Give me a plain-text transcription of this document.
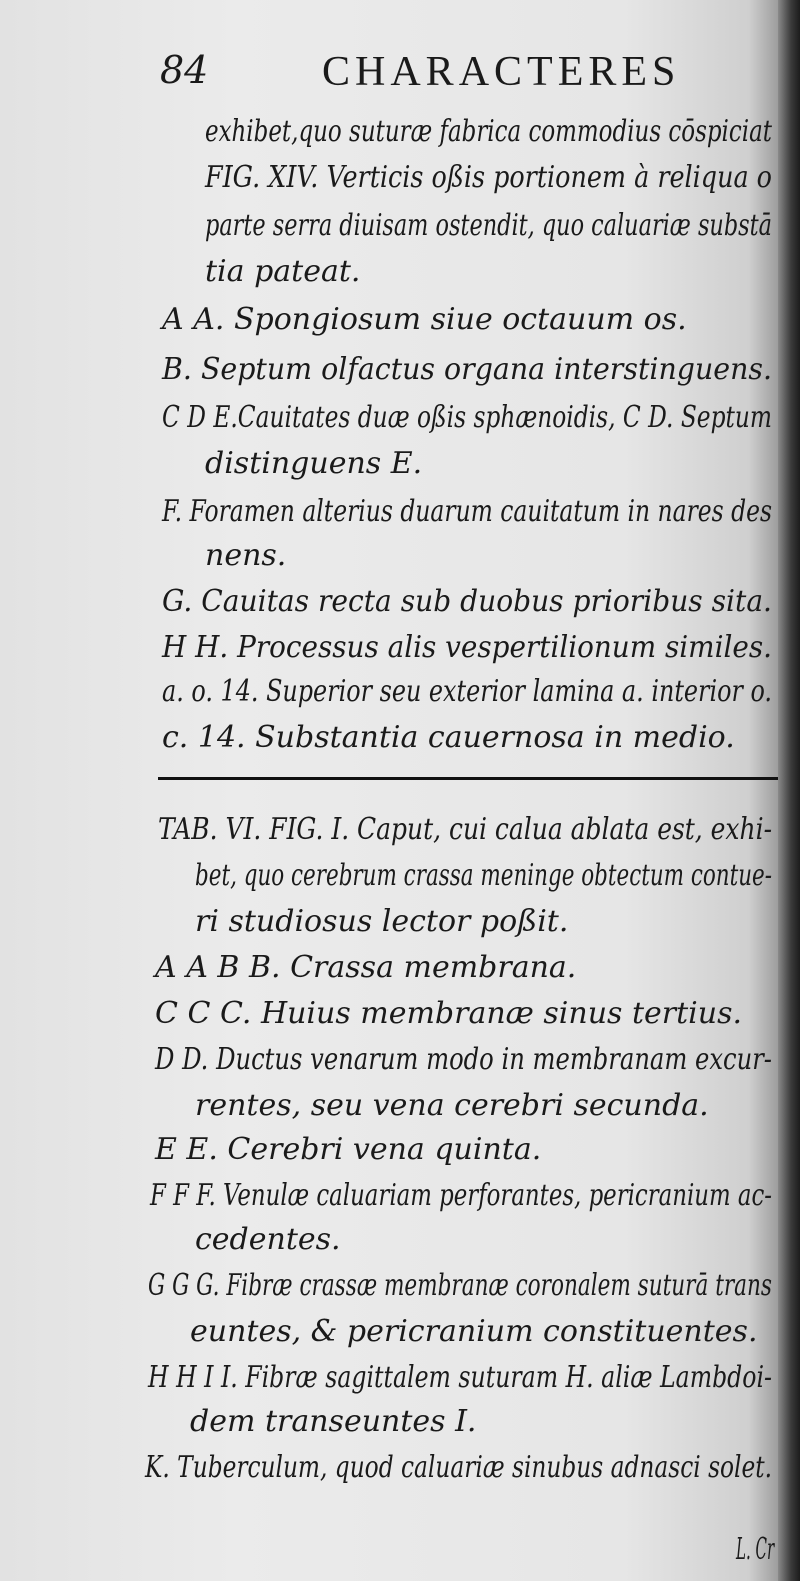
84	CHARACTERES
exhibet,quo suturæ fabrica commodius cōspiciat
FIG. XIV. Verticis oßis portionem à reliqua o
parte serra diuisam ostendit, quo caluariæ substā
tia pateat.
A A. Spongiosum siue octauum os.
B. Septum olfactus organa interstinguens.
C D E.Cauitates duæ oßis sphænoidis, C D. Septum
distinguens E.
F. Foramen alterius duarum cauitatum in nares des
nens.
G. Cauitas recta sub duobus prioribus sita.
H H. Processus alis vespertilionum similes.
a. o. 14. Superior seu exterior lamina a. interior o.
c. 14. Substantia cauernosa in medio.
TAB. VI. FIG. I. Caput, cui calua ablata est, exhi-
bet, quo cerebrum crassa meninge obtectum contue-
ri studiosus lector poßit.
A A B B. Crassa membrana.
C C C. Huius membranæ sinus tertius.
D D. Ductus venarum modo in membranam excur-
rentes, seu vena cerebri secunda.
E E. Cerebri vena quinta.
F F F. Venulæ caluariam perforantes, pericranium ac-
cedentes.
G G G. Fibræ crassæ membranæ coronalem suturā trans
euntes, & pericranium constituentes.
H H I I. Fibræ sagittalem suturam H. aliæ Lambdoi-
dem transeuntes I.
K. Tuberculum, quod caluariæ sinubus adnasci solet.
L. Cr
